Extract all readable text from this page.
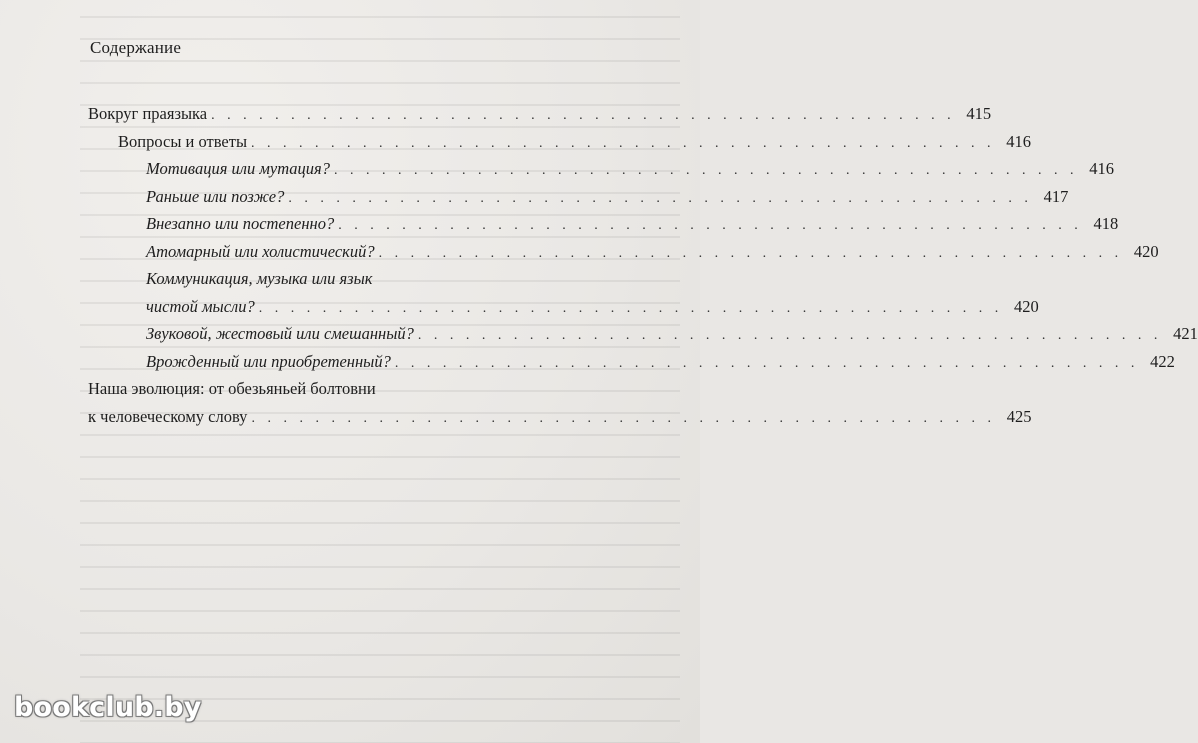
Содержание
Вокруг праязыка . . . . . . . . . . . . . . . . . . . . . . . . . . . . . . . . . . . . . . . . . . . . . . . 415
Вопросы и ответы . . . . . . . . . . . . . . . . . . . . . . . . . . . . . . . . . . . . . . . . . . . . . . . 416
Мотивация или мутация? . . . . . . . . . . . . . . . . . . . . . . . . . . . . . . . . . . . . . . . . . . . . . . . 416
Раньше или позже? . . . . . . . . . . . . . . . . . . . . . . . . . . . . . . . . . . . . . . . . . . . . . . . 417
Внезапно или постепенно? . . . . . . . . . . . . . . . . . . . . . . . . . . . . . . . . . . . . . . . . . . . . . . . 418
Атомарный или холистический? . . . . . . . . . . . . . . . . . . . . . . . . . . . . . . . . . . . . . . . . . . . . . . . 420
Коммуникация, музыка или язык
чистой мысли? . . . . . . . . . . . . . . . . . . . . . . . . . . . . . . . . . . . . . . . . . . . . . . . 420
Звуковой, жестовый или смешанный? . . . . . . . . . . . . . . . . . . . . . . . . . . . . . . . . . . . . . . . . . . . . . . . 421
Врожденный или приобретенный? . . . . . . . . . . . . . . . . . . . . . . . . . . . . . . . . . . . . . . . . . . . . . . . 422
Наша эволюция: от обезьяньей болтовни
к человеческому слову . . . . . . . . . . . . . . . . . . . . . . . . . . . . . . . . . . . . . . . . . . . . . . . 425
bookclub.by
